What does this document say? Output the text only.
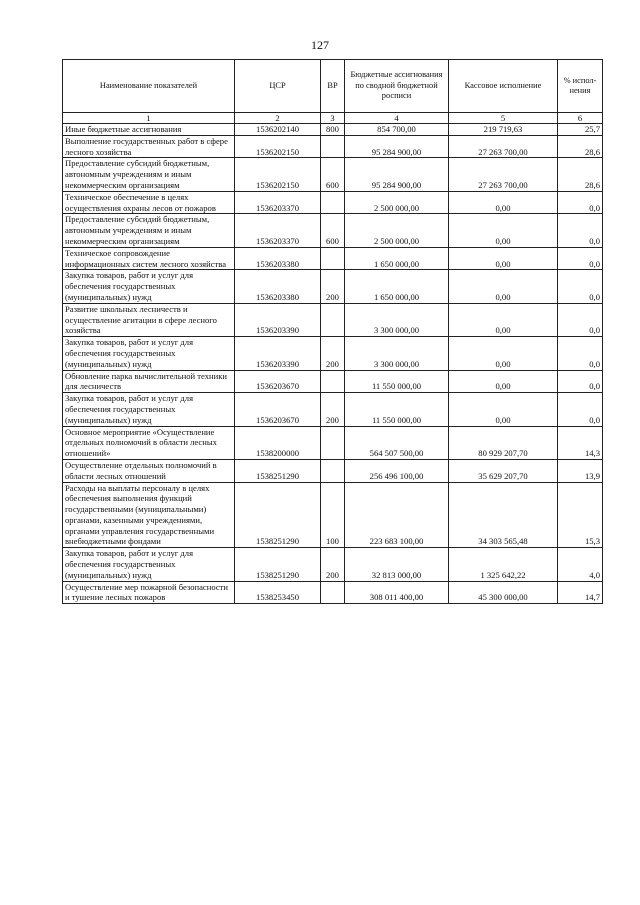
127
Наименование показателей	ЦСР	ВР	Бюджетные ассигнования по сводной бюджетной росписи	Кассовое исполнение	% испол-нения
1	2	3	4	5	6
Иные бюджетные ассигнования	1536202140	800	854 700,00	219 719,63	25,7
Выполнение государственных работ в сфере лесного хозяйства	1536202150		95 284 900,00	27 263 700,00	28,6
Предоставление субсидий бюджетным, автономным учреждениям и иным некоммерческим организациям	1536202150	600	95 284 900,00	27 263 700,00	28,6
Техническое обеспечение в целях осуществления охраны лесов от пожаров	1536203370		2 500 000,00	0,00	0,0
Предоставление субсидий бюджетным, автономным учреждениям и иным некоммерческим организациям	1536203370	600	2 500 000,00	0,00	0,0
Техническое сопровождение информационных систем лесного хозяйства	1536203380		1 650 000,00	0,00	0,0
Закупка товаров, работ и услуг для обеспечения государственных (муниципальных) нужд	1536203380	200	1 650 000,00	0,00	0,0
Развитие школьных лесничеств и осуществление агитации в сфере лесного хозяйства	1536203390		3 300 000,00	0,00	0,0
Закупка товаров, работ и услуг для обеспечения государственных (муниципальных) нужд	1536203390	200	3 300 000,00	0,00	0,0
Обновление парка вычислительной техники для лесничеств	1536203670		11 550 000,00	0,00	0,0
Закупка товаров, работ и услуг для обеспечения государственных (муниципальных) нужд	1536203670	200	11 550 000,00	0,00	0,0
Основное мероприятие «Осуществление отдельных полномочий в области лесных отношений»	1538200000		564 507 500,00	80 929 207,70	14,3
Осуществление отдельных полномочий в области лесных отношений	1538251290		256 496 100,00	35 629 207,70	13,9
Расходы на выплаты персоналу в целях обеспечения выполнения функций государственными (муниципальными) органами, казенными учреждениями, органами управления государственными внебюджетными фондами	1538251290	100	223 683 100,00	34 303 565,48	15,3
Закупка товаров, работ и услуг для обеспечения государственных (муниципальных) нужд	1538251290	200	32 813 000,00	1 325 642,22	4,0
Осуществление мер пожарной безопасности и тушение лесных пожаров	1538253450		308 011 400,00	45 300 000,00	14,7
